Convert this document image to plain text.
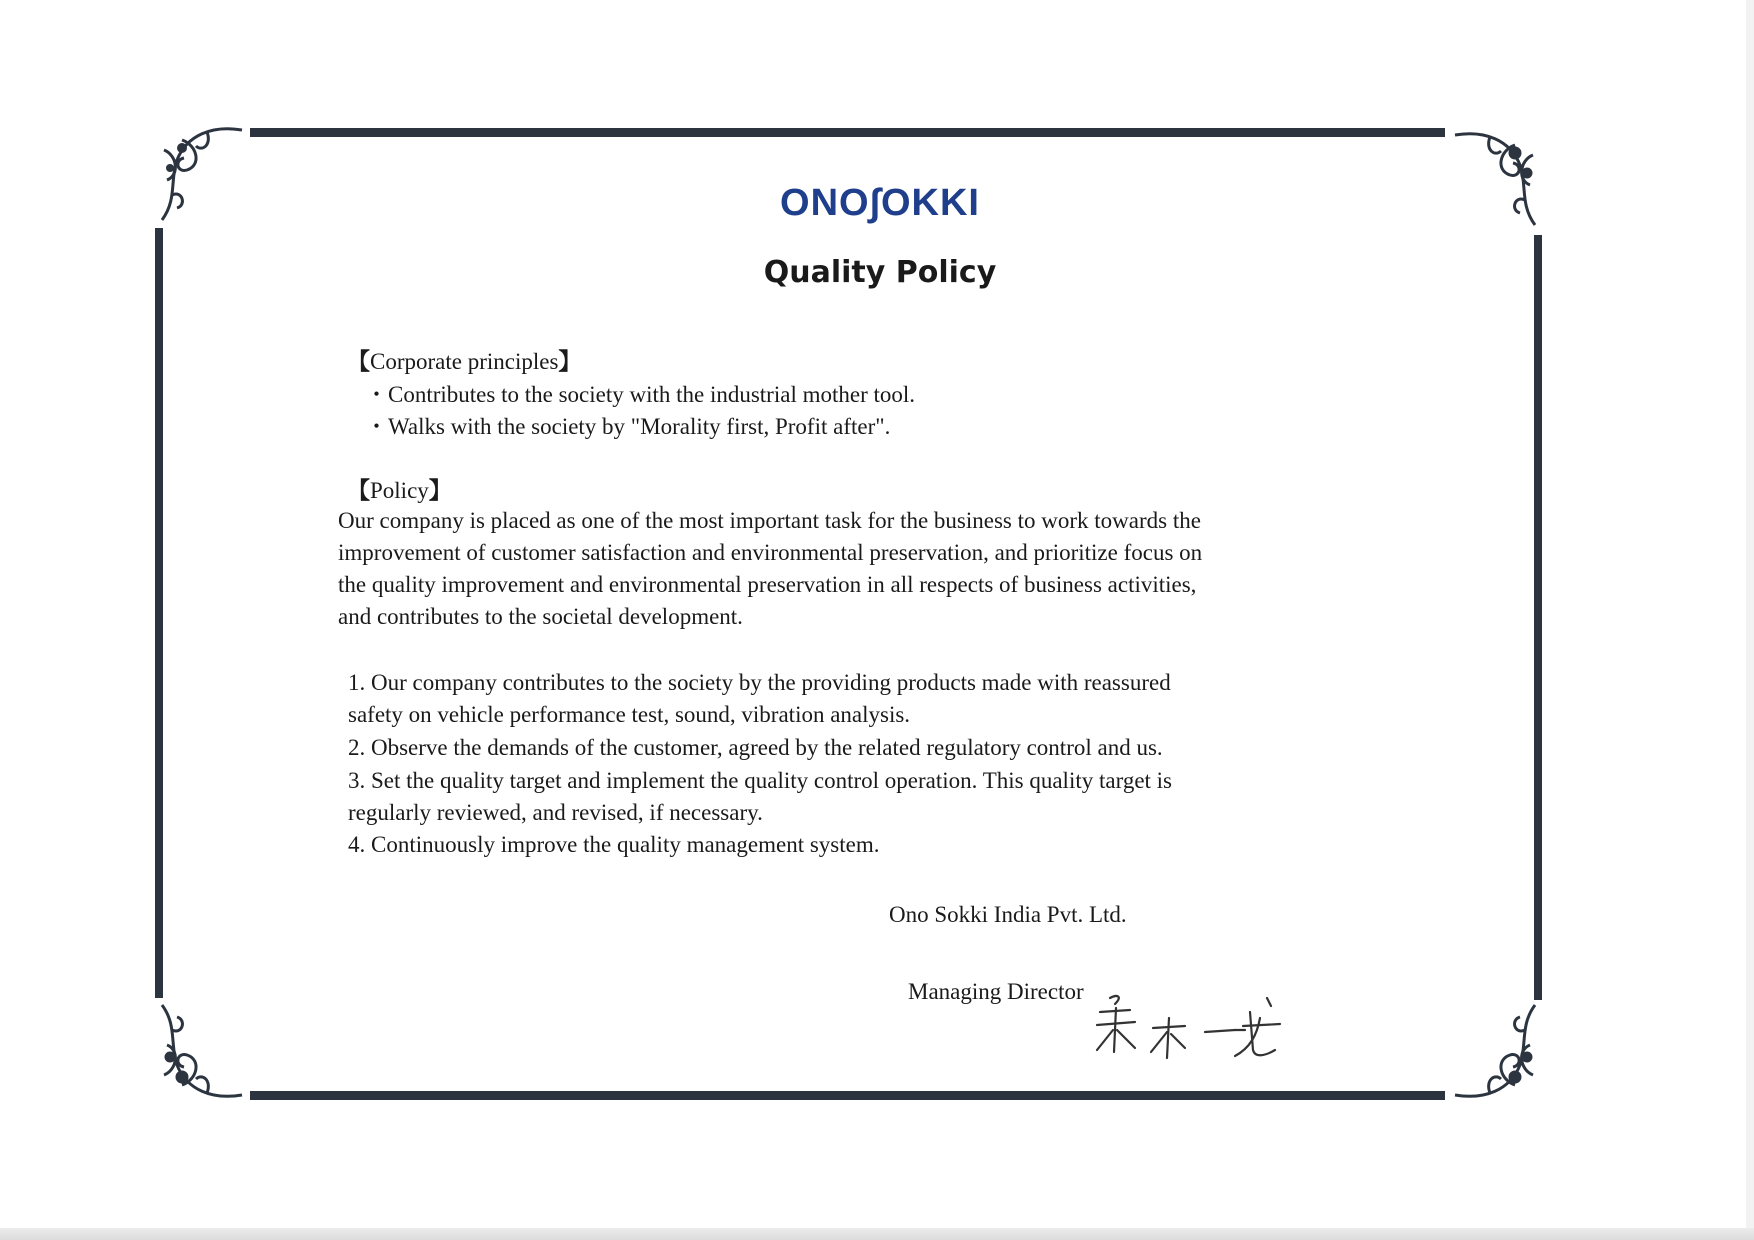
ONO∫OKKI
Quality Policy
【Corporate principles】
・Contributes to the society with the industrial mother tool.
・Walks with the society by "Morality first, Profit after".
【Policy】
Our company is placed as one of the most important task for the business to work towards the
improvement of customer satisfaction and environmental preservation, and prioritize focus on
the quality improvement and environmental preservation in all respects of business activities,
and contributes to the societal development.
1. Our company contributes to the society by the providing products made with reassured
safety on vehicle performance test, sound, vibration analysis.
2. Observe the demands of the customer, agreed by the related regulatory control and us.
3. Set the quality target and implement the quality control operation. This quality target is
regularly reviewed, and revised, if necessary.
4. Continuously improve the quality management system.
Ono Sokki India Pvt. Ltd.
Managing Director
